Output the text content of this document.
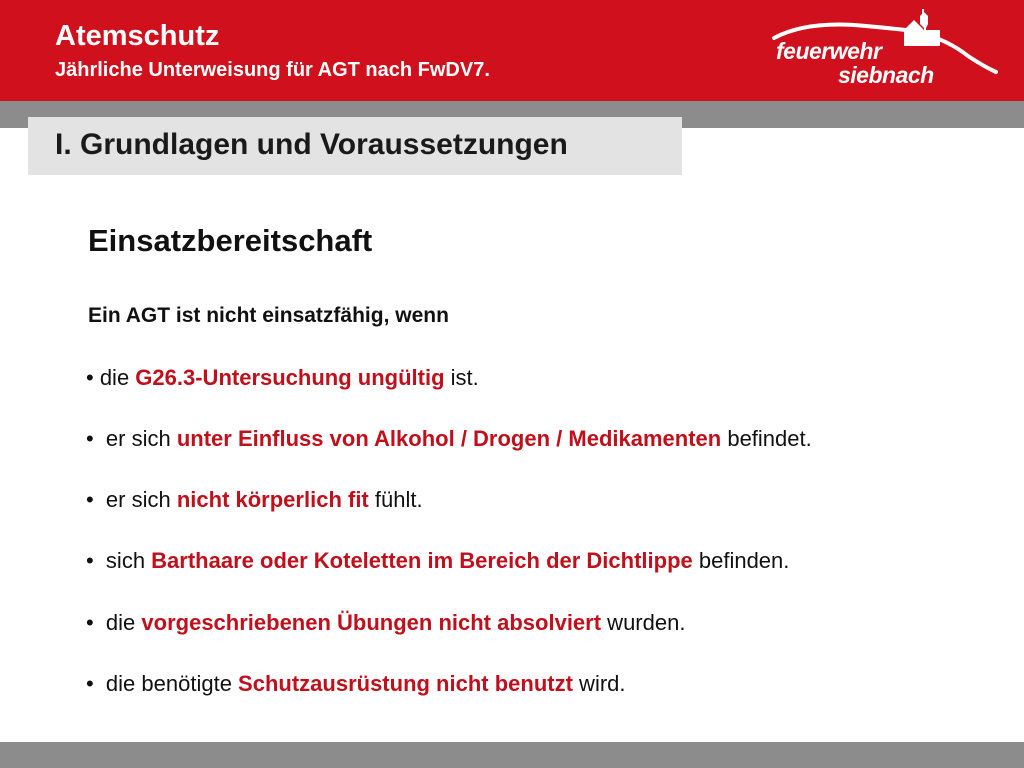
Atemschutz
Jährliche Unterweisung für AGT nach FwDV7.
feuerwehr
siebnach
I. Grundlagen und Voraussetzungen
Einsatzbereitschaft
Ein AGT ist nicht einsatzfähig, wenn
• die G26.3-Untersuchung ungültig ist.
•  er sich unter Einfluss von Alkohol / Drogen / Medikamenten befindet.
•  er sich nicht körperlich fit fühlt.
•  sich Barthaare oder Koteletten im Bereich der Dichtlippe befinden.
•  die vorgeschriebenen Übungen nicht absolviert wurden.
•  die benötigte Schutzausrüstung nicht benutzt wird.
